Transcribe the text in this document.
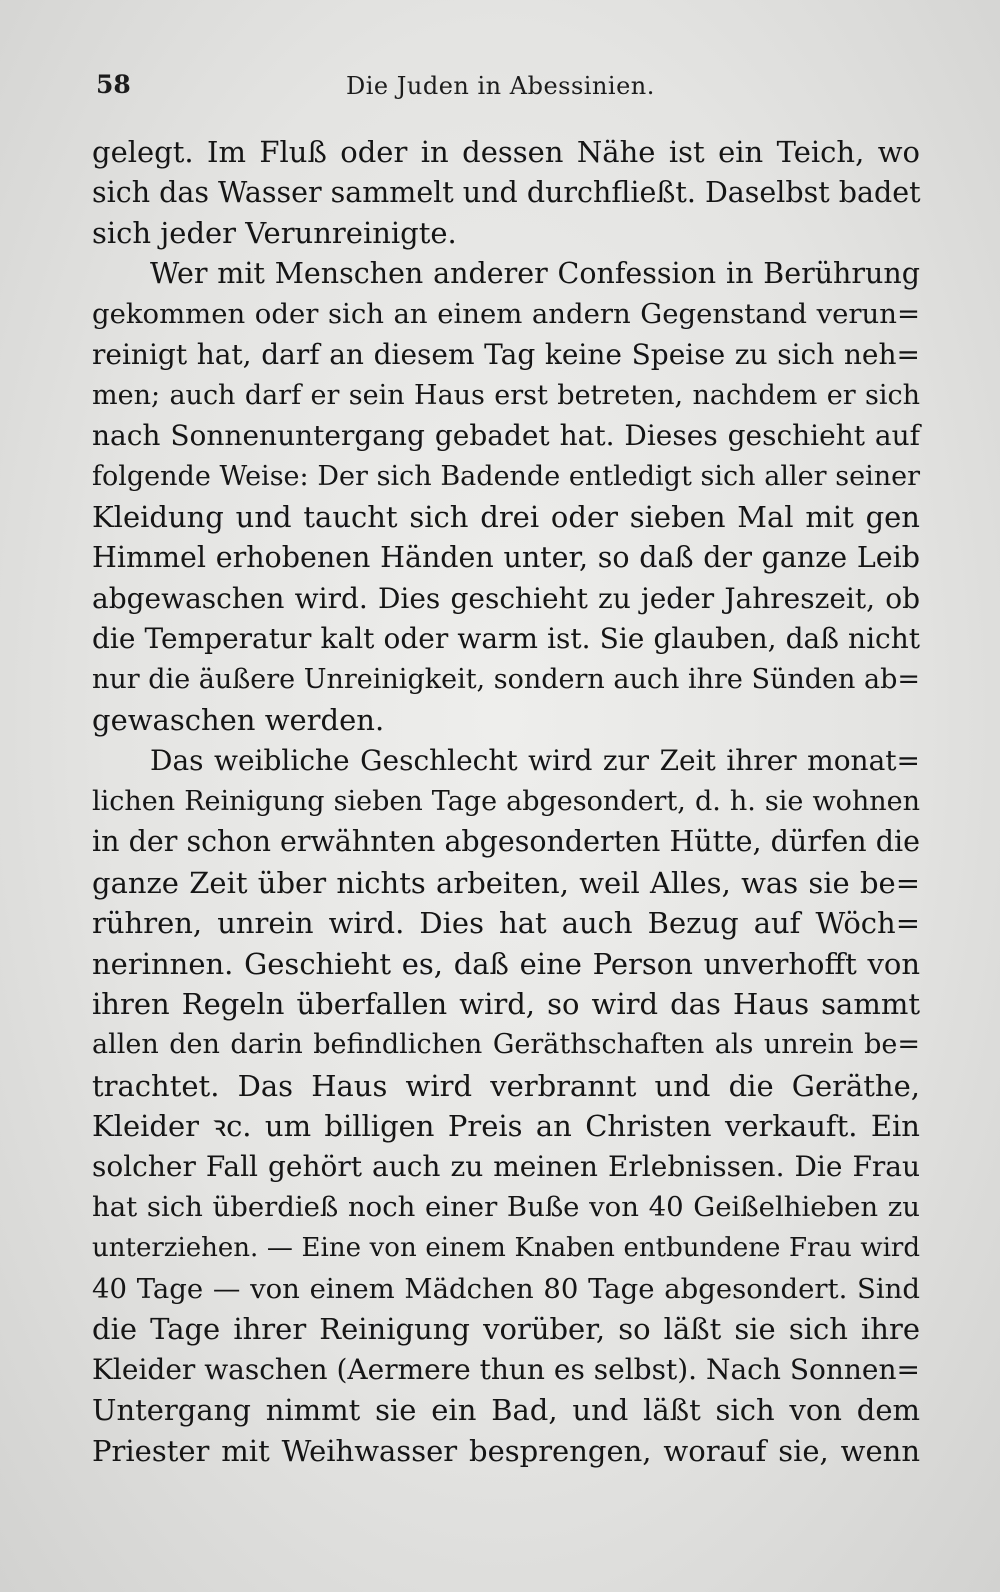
58	Die Juden in Abessinien.
gelegt. Im Fluß oder in dessen Nähe ist ein Teich, wo
sich das Wasser sammelt und durchfließt. Daselbst badet
sich jeder Verunreinigte.
Wer mit Menschen anderer Confession in Berührung
gekommen oder sich an einem andern Gegenstand verun=
reinigt hat, darf an diesem Tag keine Speise zu sich neh=
men; auch darf er sein Haus erst betreten, nachdem er sich
nach Sonnenuntergang gebadet hat. Dieses geschieht auf
folgende Weise: Der sich Badende entledigt sich aller seiner
Kleidung und taucht sich drei oder sieben Mal mit gen
Himmel erhobenen Händen unter, so daß der ganze Leib
abgewaschen wird. Dies geschieht zu jeder Jahreszeit, ob
die Temperatur kalt oder warm ist. Sie glauben, daß nicht
nur die äußere Unreinigkeit, sondern auch ihre Sünden ab=
gewaschen werden.
Das weibliche Geschlecht wird zur Zeit ihrer monat=
lichen Reinigung sieben Tage abgesondert, d. h. sie wohnen
in der schon erwähnten abgesonderten Hütte, dürfen die
ganze Zeit über nichts arbeiten, weil Alles, was sie be=
rühren, unrein wird. Dies hat auch Bezug auf Wöch=
nerinnen. Geschieht es, daß eine Person unverhofft von
ihren Regeln überfallen wird, so wird das Haus sammt
allen den darin befindlichen Geräthschaften als unrein be=
trachtet. Das Haus wird verbrannt und die Geräthe,
Kleider ꝛc. um billigen Preis an Christen verkauft. Ein
solcher Fall gehört auch zu meinen Erlebnissen. Die Frau
hat sich überdieß noch einer Buße von 40 Geißelhieben zu
unterziehen. — Eine von einem Knaben entbundene Frau wird
40 Tage — von einem Mädchen 80 Tage abgesondert. Sind
die Tage ihrer Reinigung vorüber, so läßt sie sich ihre
Kleider waschen (Aermere thun es selbst). Nach Sonnen=
Untergang nimmt sie ein Bad, und läßt sich von dem
Priester mit Weihwasser besprengen, worauf sie, wenn
